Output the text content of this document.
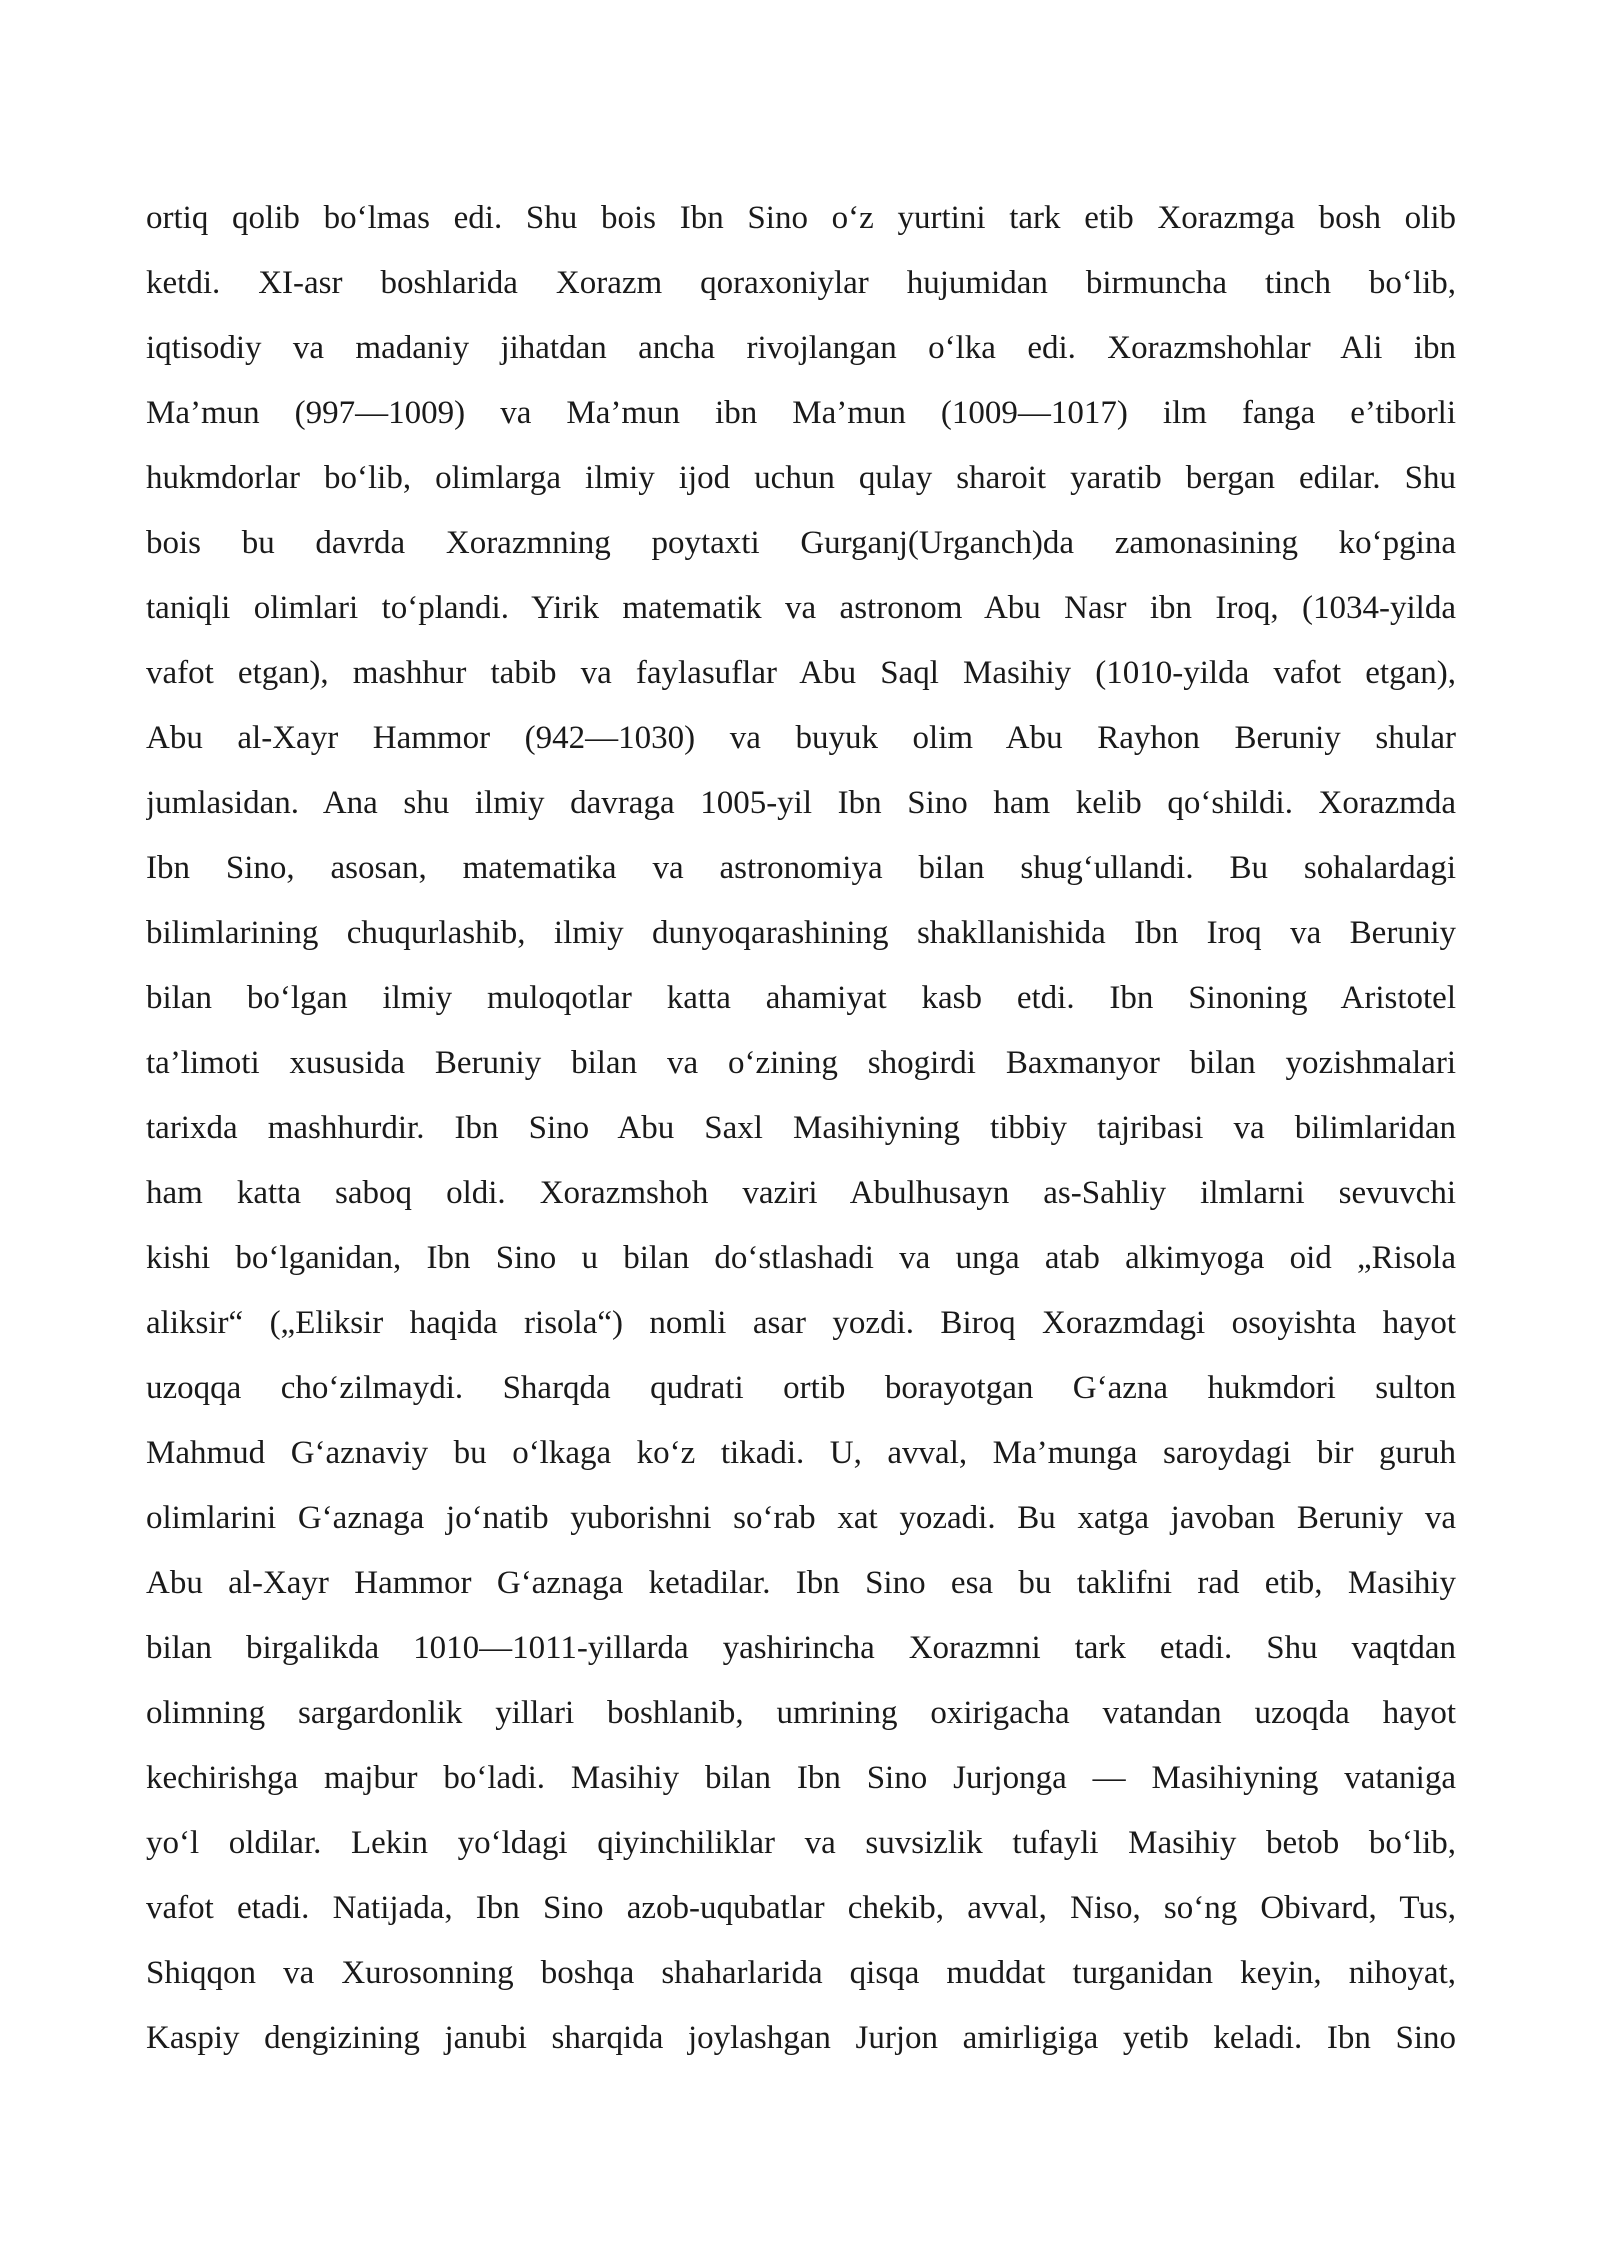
ortiq qolib bo‘lmas edi. Shu bois Ibn Sino o‘z yurtini tark etib Xorazmga bosh olib
ketdi. XI-asr boshlarida Xorazm qoraxoniylar hujumidan birmuncha tinch bo‘lib,
iqtisodiy va madaniy jihatdan ancha rivojlangan o‘lka edi. Xorazmshohlar Ali ibn
Ma’mun (997—1009) va Ma’mun ibn Ma’mun (1009—1017) ilm fanga e’tiborli
hukmdorlar bo‘lib, olimlarga ilmiy ijod uchun qulay sharoit yaratib bergan edilar. Shu
bois bu davrda Xorazmning poytaxti Gurganj(Urganch)da zamonasining ko‘pgina
taniqli olimlari to‘plandi. Yirik matematik va astronom Abu Nasr ibn Iroq, (1034-yilda
vafot etgan), mashhur tabib va faylasuflar Abu Saql Masihiy (1010-yilda vafot etgan),
Abu al-Xayr Hammor (942—1030) va buyuk olim Abu Rayhon Beruniy shular
jumlasidan. Ana shu ilmiy davraga 1005-yil Ibn Sino ham kelib qo‘shildi. Xorazmda
Ibn Sino, asosan, matematika va astronomiya bilan shug‘ullandi. Bu sohalardagi
bilimlarining chuqurlashib, ilmiy dunyoqarashining shakllanishida Ibn Iroq va Beruniy
bilan bo‘lgan ilmiy muloqotlar katta ahamiyat kasb etdi. Ibn Sinoning Aristotel
ta’limoti xususida Beruniy bilan va o‘zining shogirdi Baxmanyor bilan yozishmalari
tarixda mashhurdir. Ibn Sino Abu Saxl Masihiyning tibbiy tajribasi va bilimlaridan
ham katta saboq oldi. Xorazmshoh vaziri Abulhusayn as-Sahliy ilmlarni sevuvchi
kishi bo‘lganidan, Ibn Sino u bilan do‘stlashadi va unga atab alkimyoga oid „Risola
aliksir“ („Eliksir haqida risola“) nomli asar yozdi. Biroq Xorazmdagi osoyishta hayot
uzoqqa cho‘zilmaydi. Sharqda qudrati ortib borayotgan G‘azna hukmdori sulton
Mahmud G‘aznaviy bu o‘lkaga ko‘z tikadi. U, avval, Ma’munga saroydagi bir guruh
olimlarini G‘aznaga jo‘natib yuborishni so‘rab xat yozadi. Bu xatga javoban Beruniy va
Abu al-Xayr Hammor G‘aznaga ketadilar. Ibn Sino esa bu taklifni rad etib, Masihiy
bilan birgalikda 1010—1011-yillarda yashirincha Xorazmni tark etadi. Shu vaqtdan
olimning sargardonlik yillari boshlanib, umrining oxirigacha vatandan uzoqda hayot
kechirishga majbur bo‘ladi. Masihiy bilan Ibn Sino Jurjonga — Masihiyning vataniga
yo‘l oldilar. Lekin yo‘ldagi qiyinchiliklar va suvsizlik tufayli Masihiy betob bo‘lib,
vafot etadi. Natijada, Ibn Sino azob-uqubatlar chekib, avval, Niso, so‘ng Obivard, Tus,
Shiqqon va Xurosonning boshqa shaharlarida qisqa muddat turganidan keyin, nihoyat,
Kaspiy dengizining janubi sharqida joylashgan Jurjon amirligiga yetib keladi. Ibn Sino
